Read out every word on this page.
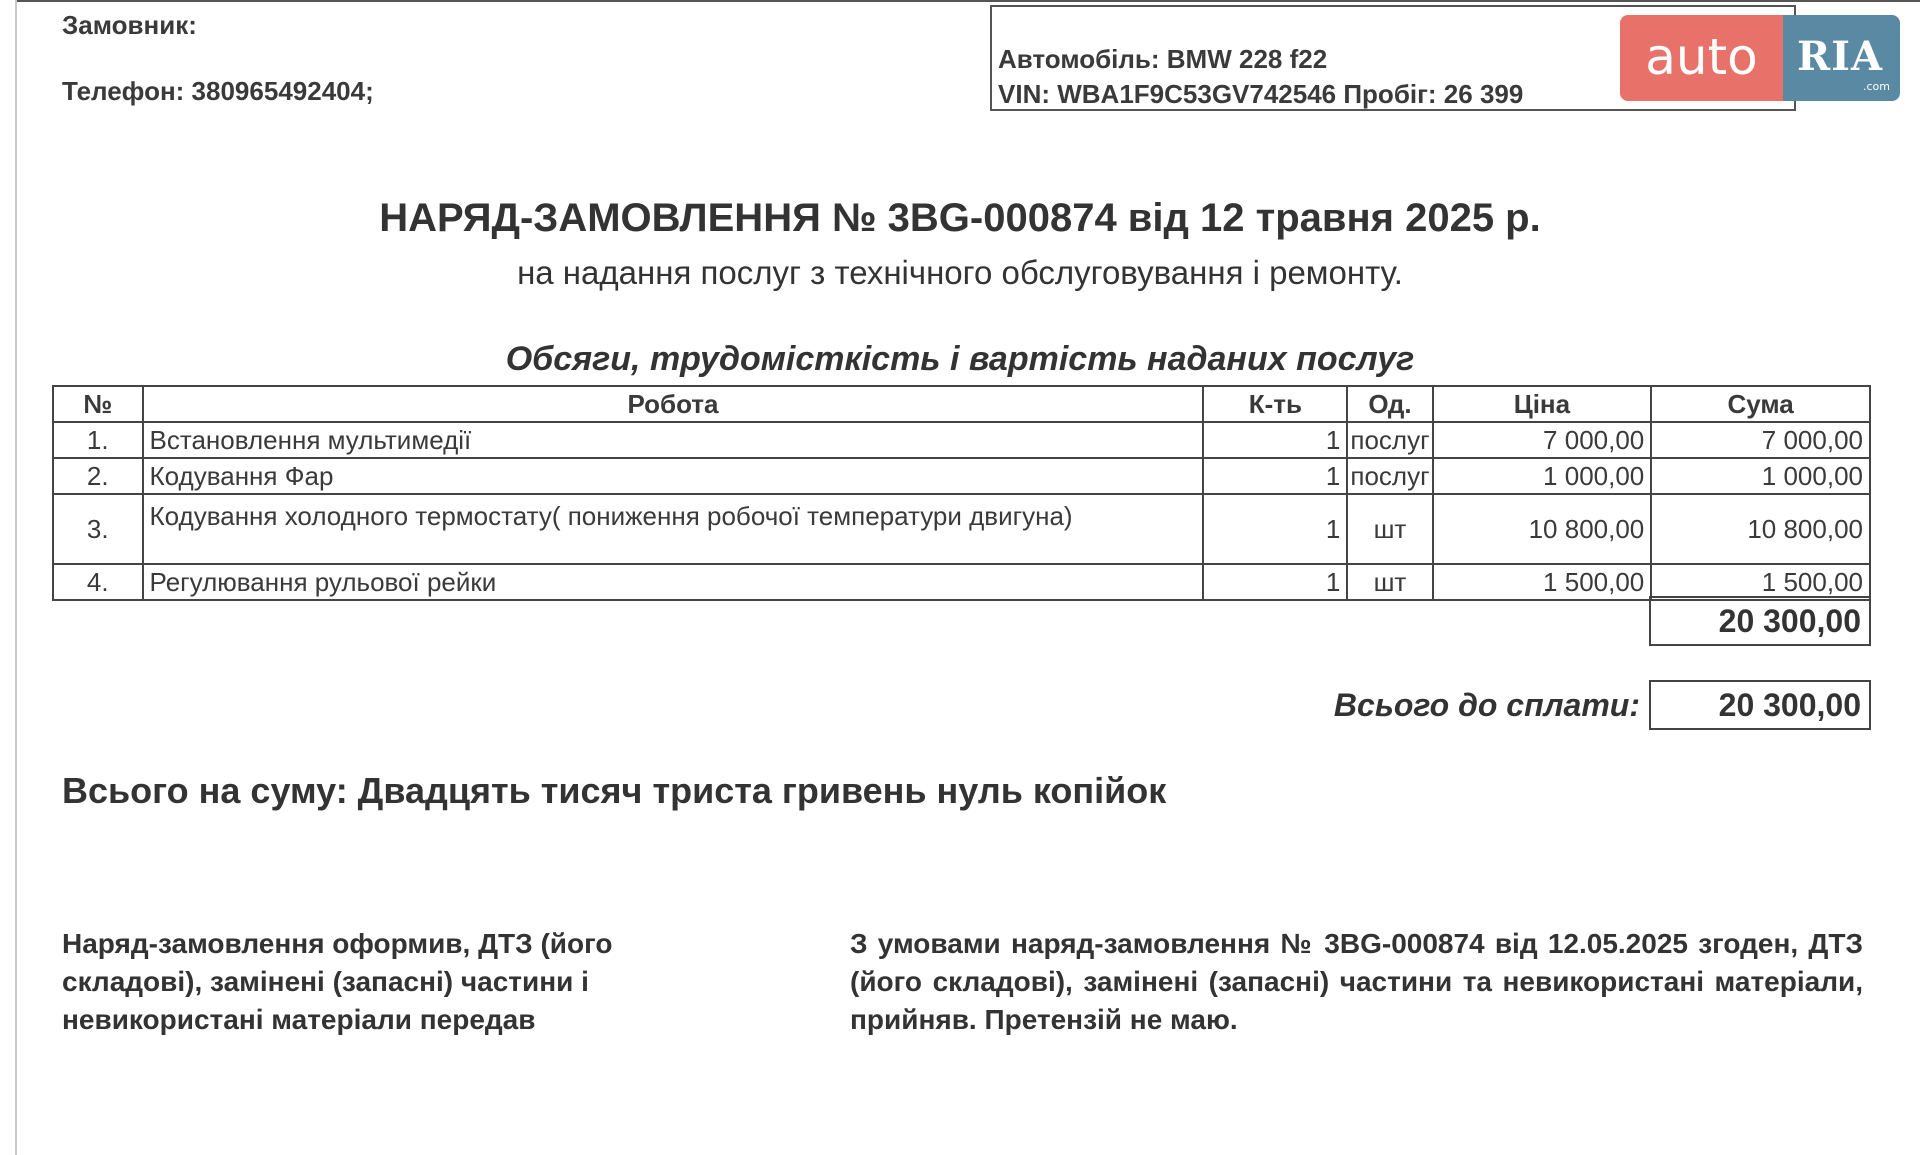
Замовник:
Телефон: 380965492404;
Автомобіль: BMW 228 f22
VIN: WBA1F9C53GV742546 Пробіг: 26 399
auto RIA
.com
НАРЯД-ЗАМОВЛЕННЯ № 3BG-000874 від 12 травня 2025 р.
на надання послуг з технічного обслуговування і ремонту.
Обсяги, трудомісткість і вартість наданих послуг
№	Робота	К-ть	Од.	Ціна	Сума
1.	Встановлення мультимедії	1	послуг	7 000,00	7 000,00
2.	Кодування Фар	1	послуг	1 000,00	1 000,00
3.	Кодування холодного термостату( пониження робочої температури двигуна)	1	шт	10 800,00	10 800,00
4.	Регулювання рульової рейки	1	шт	1 500,00	1 500,00
20 300,00
Всього до сплати:	20 300,00
Всього на суму: Двадцять тисяч триста гривень нуль копійок
Наряд-замовлення оформив, ДТЗ (його складові), замінені (запасні) частини і невикористані матеріали передав
З умовами наряд-замовлення № 3BG-000874 від 12.05.2025 згоден, ДТЗ (його складові), замінені (запасні) частини та невикористані матеріали, прийняв. Претензій не маю.
